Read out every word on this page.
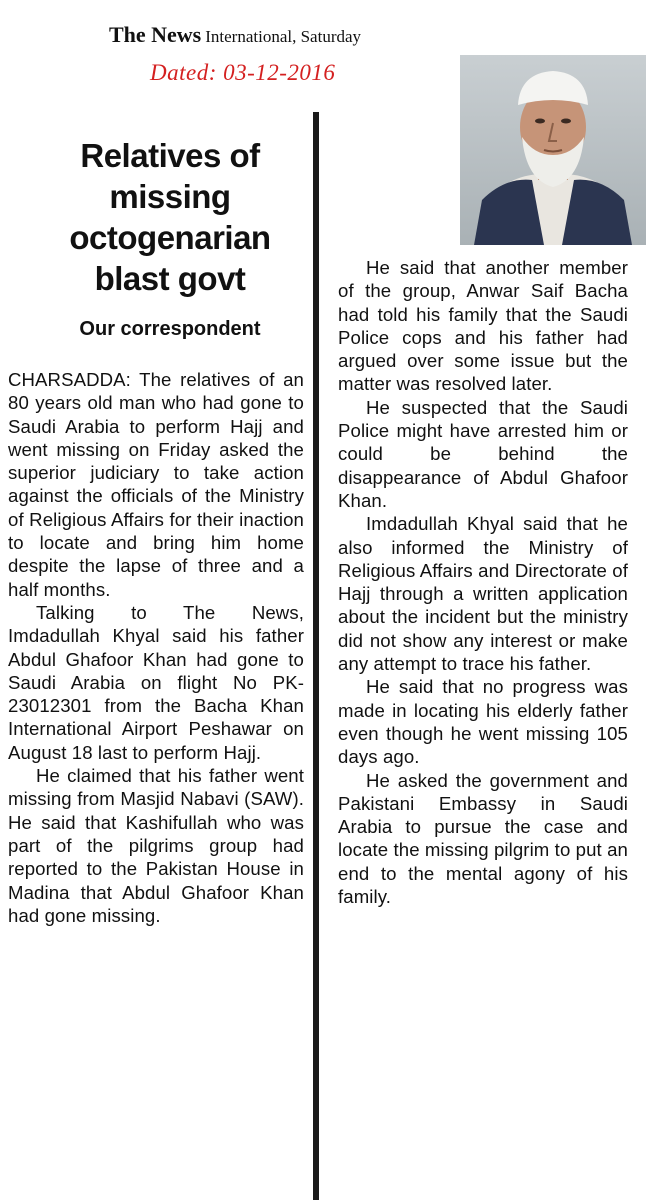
The News International, Saturday
Dated: 03-12-2016
Relatives of missing octogenarian blast govt
Our correspondent

CHARSADDA: The relatives of an 80 years old man who had gone to Saudi Arabia to perform Hajj and went missing on Friday asked the superior judiciary to take action against the officials of the Ministry of Religious Affairs for their inaction to locate and bring him home despite the lapse of three and a half months.

Talking to The News, Imdadullah Khyal said his father Abdul Ghafoor Khan had gone to Saudi Arabia on flight No PK-23012301 from the Bacha Khan International Airport Peshawar on August 18 last to perform Hajj.

He claimed that his father went missing from Masjid Nabavi (SAW). He said that Kashifullah who was part of the pilgrims group had reported to the Pakistan House in Madina that Abdul Ghafoor Khan had gone missing.

He said that another member of the group, Anwar Saif Bacha had told his family that the Saudi Police cops and his father had argued over some issue but the matter was resolved later.

He suspected that the Saudi Police might have arrested him or could be behind the disappearance of Abdul Ghafoor Khan.

Imdadullah Khyal said that he also informed the Ministry of Religious Affairs and Directorate of Hajj through a written application about the incident but the ministry did not show any interest or make any attempt to trace his father.

He said that no progress was made in locating his elderly father even though he went missing 105 days ago.

He asked the government and Pakistani Embassy in Saudi Arabia to pursue the case and locate the missing pilgrim to put an end to the mental agony of his family.
